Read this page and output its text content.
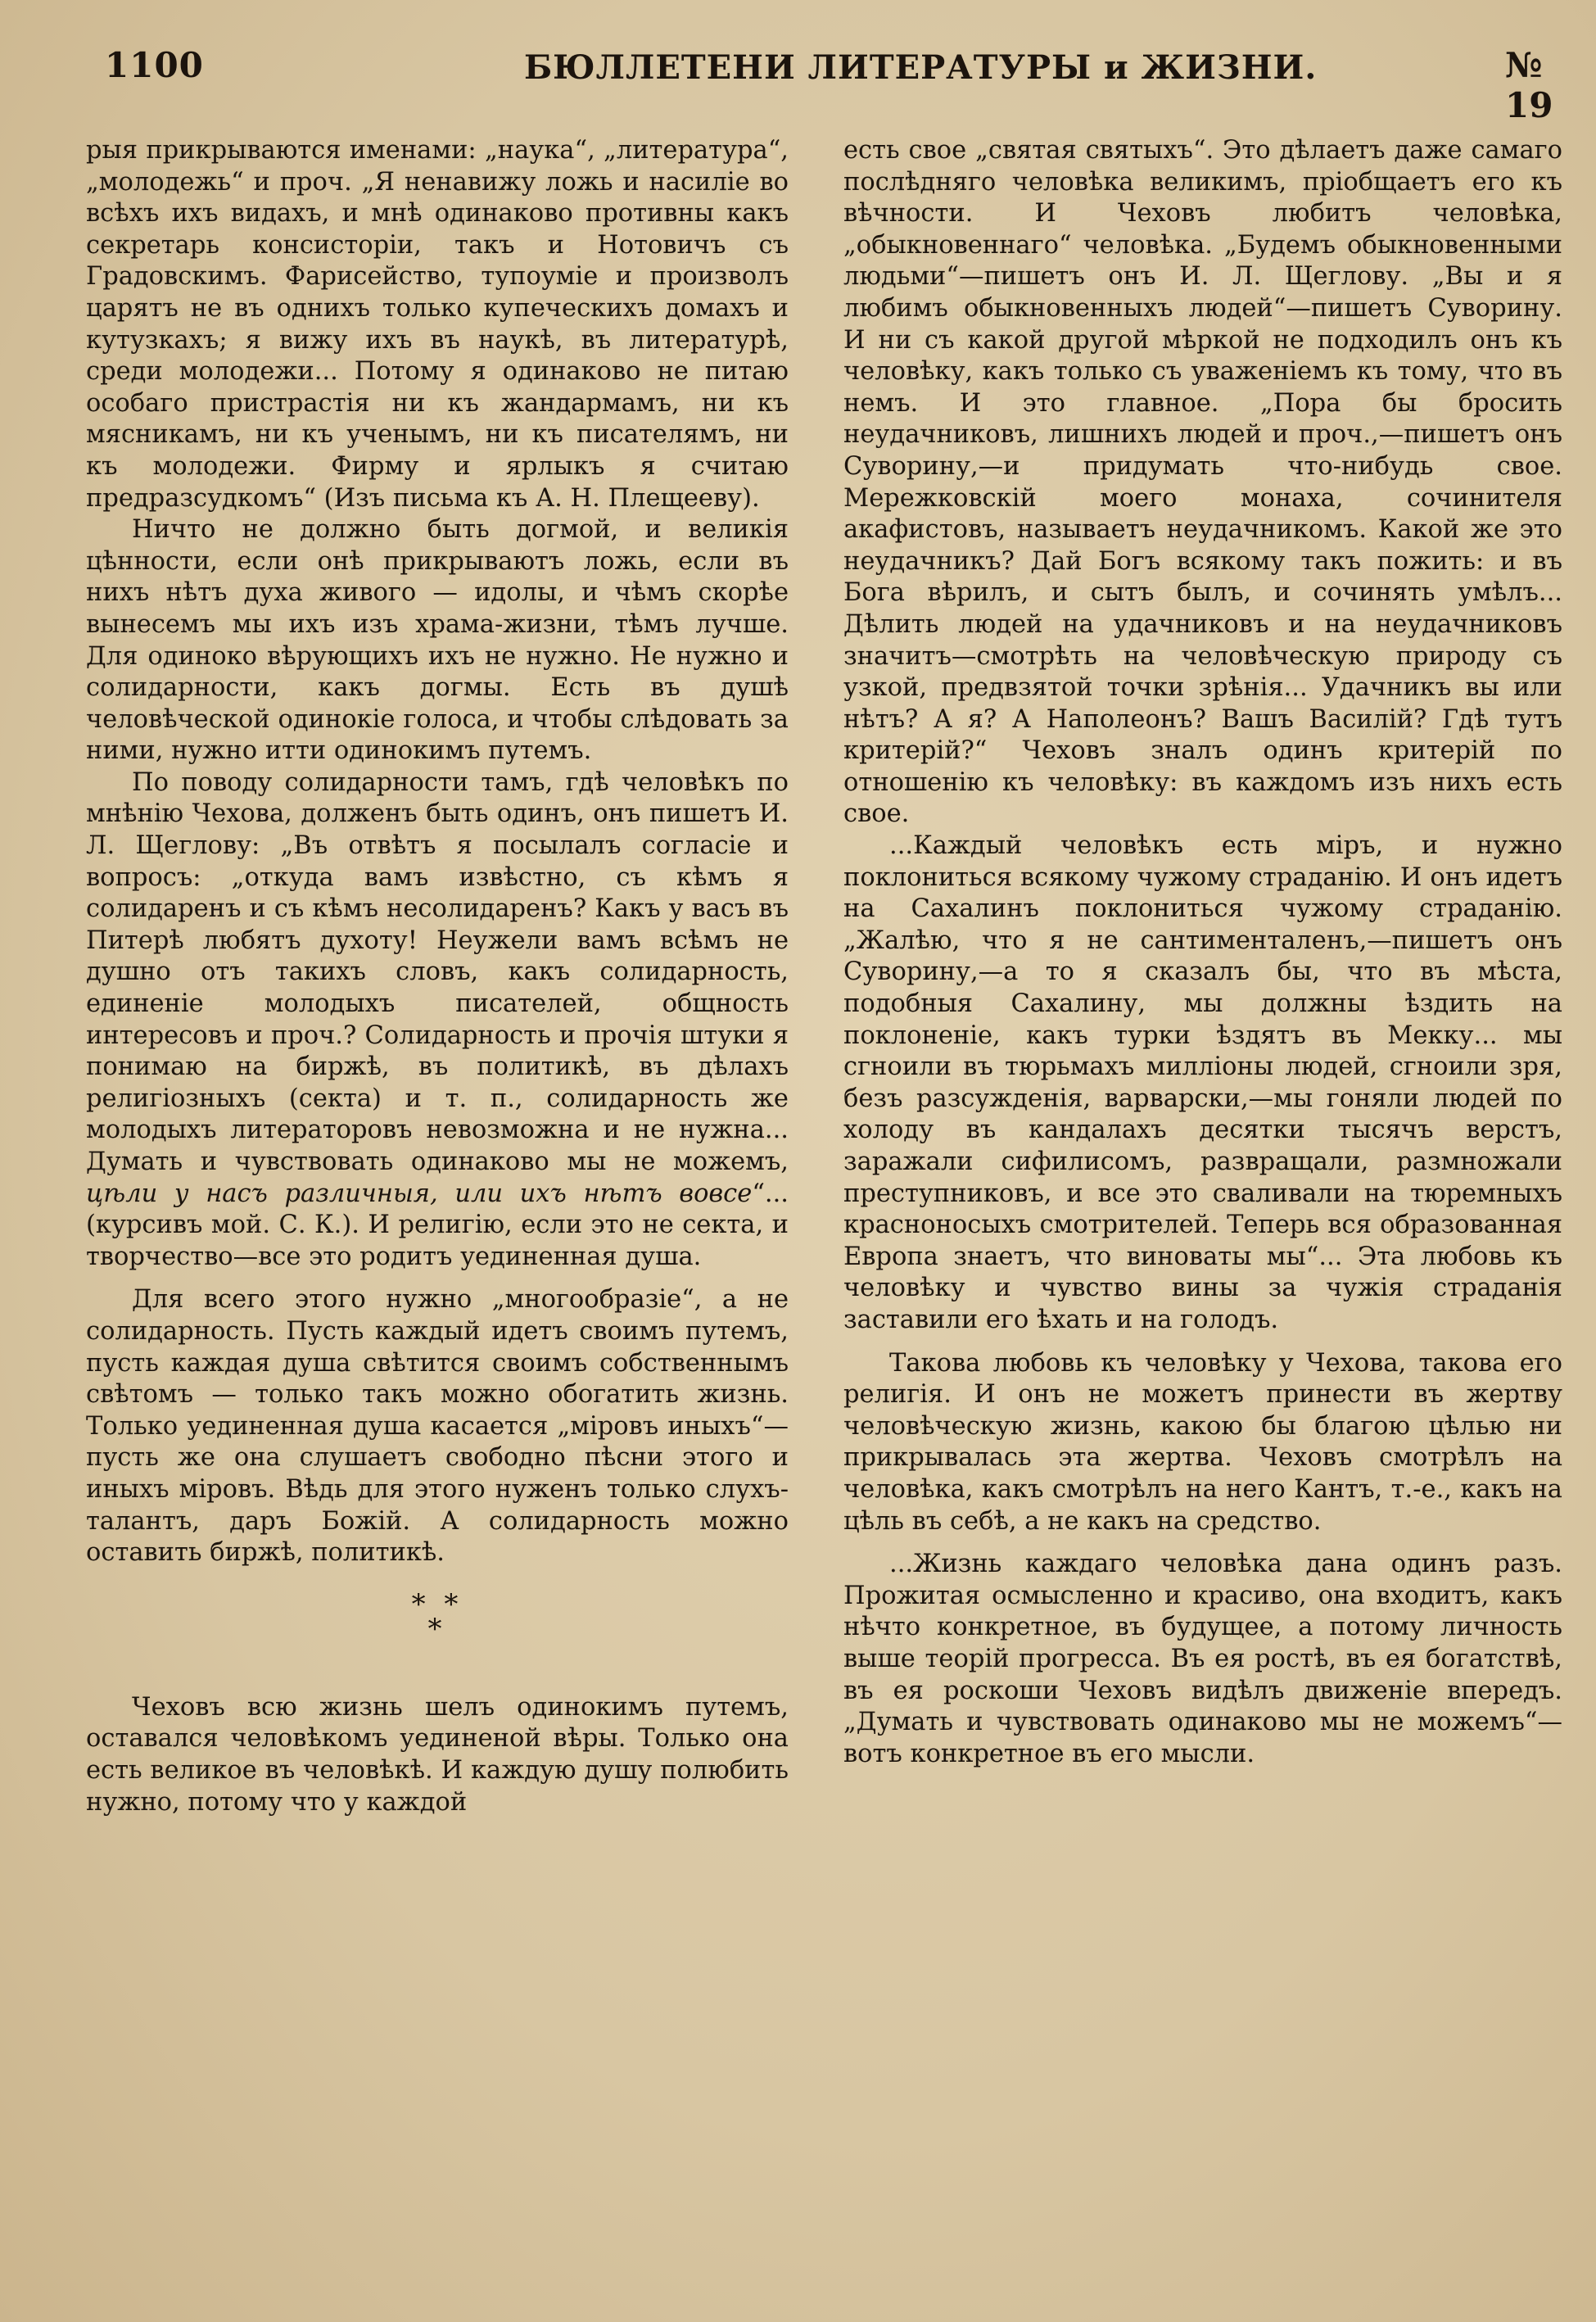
1100	БЮЛЛЕТЕНИ ЛИТЕРАТУРЫ и ЖИЗНИ.	№ 19

рыя прикрываются именами: „наука“, „литература“, „молодежь“ и проч. „Я ненавижу ложь и насиліе во всѣхъ ихъ видахъ, и мнѣ одинаково противны какъ секретарь консисторіи, такъ и Нотовичъ съ Градовскимъ. Фарисейство, тупоуміе и произволъ царятъ не въ однихъ только купеческихъ домахъ и кутузкахъ; я вижу ихъ въ наукѣ, въ литературѣ, среди молодежи... Потому я одинаково не питаю особаго пристрастія ни къ жандармамъ, ни къ мясникамъ, ни къ ученымъ, ни къ писателямъ, ни къ молодежи. Фирму и ярлыкъ я считаю предразсудкомъ“ (Изъ письма къ А. Н. Плещееву).

Ничто не должно быть догмой, и великія цѣнности, если онѣ прикрываютъ ложь, если въ нихъ нѣтъ духа живого — идолы, и чѣмъ скорѣе вынесемъ мы ихъ изъ храма-жизни, тѣмъ лучше. Для одиноко вѣрующихъ ихъ не нужно. Не нужно и солидарности, какъ догмы. Есть въ душѣ человѣческой одинокіе голоса, и чтобы слѣдовать за ними, нужно итти одинокимъ путемъ.

По поводу солидарности тамъ, гдѣ человѣкъ по мнѣнію Чехова, долженъ быть одинъ, онъ пишетъ И. Л. Щеглову: „Въ отвѣтъ я посылалъ согласіе и вопросъ: „откуда вамъ извѣстно, съ кѣмъ я солидаренъ и съ кѣмъ несолидаренъ? Какъ у васъ въ Питерѣ любятъ духоту! Неужели вамъ всѣмъ не душно отъ такихъ словъ, какъ солидарность, единеніе молодыхъ писателей, общность интересовъ и проч.? Солидарность и прочія штуки я понимаю на биржѣ, въ политикѣ, въ дѣлахъ религіозныхъ (секта) и т. п., солидарность же молодыхъ литераторовъ невозможна и не нужна... Думать и чувствовать одинаково мы не можемъ, цѣли у насъ различныя, или ихъ нѣтъ вовсе“... (курсивъ мой. С. К.). И религію, если это не секта, и творчество—все это родитъ уединенная душа.

Для всего этого нужно „многообразіе“, а не солидарность. Пусть каждый идетъ своимъ путемъ, пусть каждая душа свѣтится своимъ собственнымъ свѣтомъ — только такъ можно обогатить жизнь. Только уединенная душа касается „міровъ иныхъ“—пусть же она слушаетъ свободно пѣсни этого и иныхъ міровъ. Вѣдь для этого нуженъ только слухъ-талантъ, даръ Божій. А солидарность можно оставить биржѣ, политикѣ.

* *
*

Чеховъ всю жизнь шелъ одинокимъ путемъ, оставался человѣкомъ уединеной вѣры. Только она есть великое въ человѣкѣ. И каждую душу полюбить нужно, потому что у каждой

есть свое „святая святыхъ“. Это дѣлаетъ даже самаго послѣдняго человѣка великимъ, пріобщаетъ его къ вѣчности. И Чеховъ любитъ человѣка, „обыкновеннаго“ человѣка. „Будемъ обыкновенными людьми“—пишетъ онъ И. Л. Щеглову. „Вы и я любимъ обыкновенныхъ людей“—пишетъ Суворину. И ни съ какой другой мѣркой не подходилъ онъ къ человѣку, какъ только съ уваженіемъ къ тому, что въ немъ. И это главное. „Пора бы бросить неудачниковъ, лишнихъ людей и проч.,—пишетъ онъ Суворину,—и придумать что-нибудь свое. Мережковскій моего монаха, сочинителя акафистовъ, называетъ неудачникомъ. Какой же это неудачникъ? Дай Богъ всякому такъ пожить: и въ Бога вѣрилъ, и сытъ былъ, и сочинять умѣлъ... Дѣлить людей на удачниковъ и на неудачниковъ значитъ—смотрѣть на человѣческую природу съ узкой, предвзятой точки зрѣнія... Удачникъ вы или нѣтъ? А я? А Наполеонъ? Вашъ Василій? Гдѣ тутъ критерій?“ Чеховъ зналъ одинъ критерій по отношенію къ человѣку: въ каждомъ изъ нихъ есть свое.

...Каждый человѣкъ есть міръ, и нужно поклониться всякому чужому страданію. И онъ идетъ на Сахалинъ поклониться чужому страданію. „Жалѣю, что я не сантименталенъ,—пишетъ онъ Суворину,—а то я сказалъ бы, что въ мѣста, подобныя Сахалину, мы должны ѣздить на поклоненіе, какъ турки ѣздятъ въ Мекку... мы сгноили въ тюрьмахъ милліоны людей, сгноили зря, безъ разсужденія, варварски,—мы гоняли людей по холоду въ кандалахъ десятки тысячъ верстъ, заражали сифилисомъ, развращали, размножали преступниковъ, и все это сваливали на тюремныхъ красноносыхъ смотрителей. Теперь вся образованная Европа знаетъ, что виноваты мы“... Эта любовь къ человѣку и чувство вины за чужія страданія заставили его ѣхать и на голодъ.

Такова любовь къ человѣку у Чехова, такова его религія. И онъ не можетъ принести въ жертву человѣческую жизнь, какою бы благою цѣлью ни прикрывалась эта жертва. Чеховъ смотрѣлъ на человѣка, какъ смотрѣлъ на него Кантъ, т.-е., какъ на цѣль въ себѣ, а не какъ на средство.

...Жизнь каждаго человѣка дана одинъ разъ. Прожитая осмысленно и красиво, она входитъ, какъ нѣчто конкретное, въ будущее, а потому личность выше теорій прогресса. Въ ея ростѣ, въ ея богатствѣ, въ ея роскоши Чеховъ видѣлъ движеніе впередъ. „Думать и чувствовать одинаково мы не можемъ“—вотъ конкретное въ его мысли.
